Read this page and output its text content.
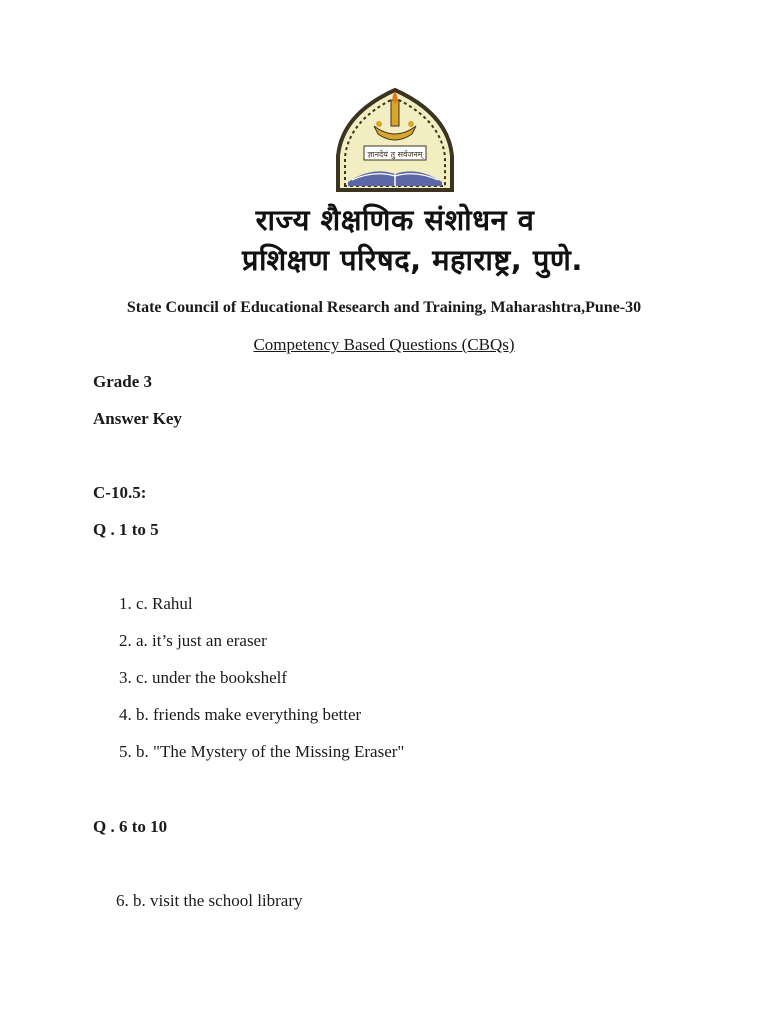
ज्ञानदेयं तु सर्वजनम्
राज्य शैक्षणिक संशोधन व
प्रशिक्षण परिषद, महाराष्ट्र, पुणे.
State Council of Educational Research and Training, Maharashtra,Pune-30
Competency Based Questions (CBQs)
Grade 3
Answer Key
C-10.5:
Q . 1 to 5
1. c. Rahul
2. a. it’s just an eraser
3. c. under the bookshelf
4. b. friends make everything better
5. b. "The Mystery of the Missing Eraser"
Q . 6 to 10
6. b. visit the school library
